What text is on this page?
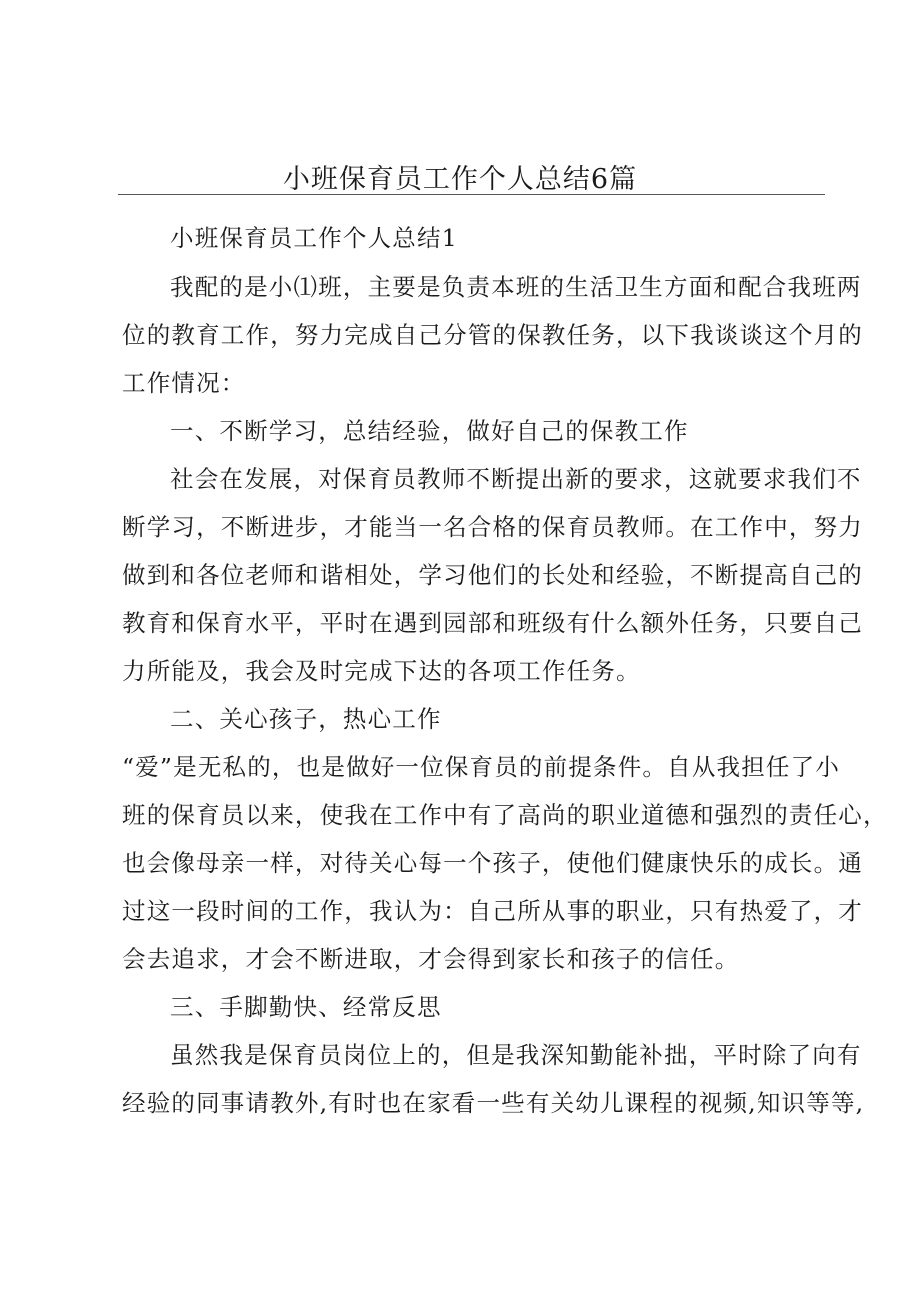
小班保育员工作个人总结6篇
小班保育员工作个人总结1
我配的是小⑴班，主要是负责本班的生活卫生方面和配合我班两
位的教育工作，努力完成自己分管的保教任务，以下我谈谈这个月的
工作情况：
一、不断学习，总结经验，做好自己的保教工作
社会在发展，对保育员教师不断提出新的要求，这就要求我们不
断学习，不断进步，才能当一名合格的保育员教师。在工作中，努力
做到和各位老师和谐相处，学习他们的长处和经验，不断提高自己的
教育和保育水平，平时在遇到园部和班级有什么额外任务，只要自己
力所能及，我会及时完成下达的各项工作任务。
二、关心孩子，热心工作
“爱”是无私的，也是做好一位保育员的前提条件。自从我担任了小
班的保育员以来，使我在工作中有了高尚的职业道德和强烈的责任心，
也会像母亲一样，对待关心每一个孩子，使他们健康快乐的成长。通
过这一段时间的工作，我认为：自己所从事的职业，只有热爱了，才
会去追求，才会不断进取，才会得到家长和孩子的信任。
三、手脚勤快、经常反思
虽然我是保育员岗位上的，但是我深知勤能补拙，平时除了向有
经验的同事请教外,有时也在家看一些有关幼儿课程的视频,知识等等,
